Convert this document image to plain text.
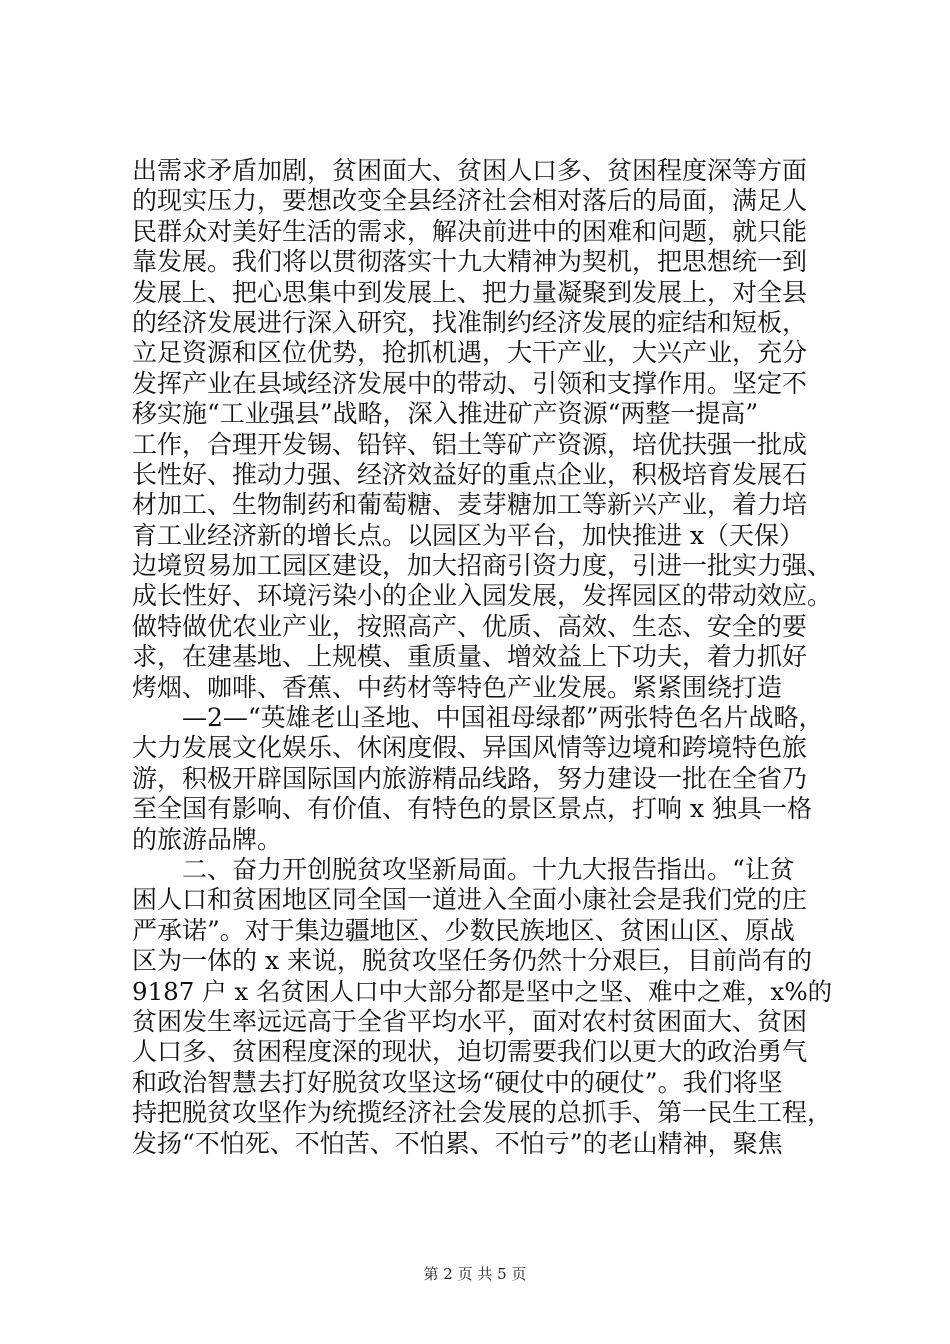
出需求矛盾加剧，贫困面大、贫困人口多、贫困程度深等方面
的现实压力，要想改变全县经济社会相对落后的局面，满足人
民群众对美好生活的需求，解决前进中的困难和问题，就只能
靠发展。我们将以贯彻落实十九大精神为契机，把思想统一到
发展上、把心思集中到发展上、把力量凝聚到发展上，对全县
的经济发展进行深入研究，找准制约经济发展的症结和短板，
立足资源和区位优势，抢抓机遇，大干产业，大兴产业，充分
发挥产业在县域经济发展中的带动、引领和支撑作用。坚定不
移实施“工业强县”战略，深入推进矿产资源“两整一提高”
工作，合理开发锡、铅锌、铝土等矿产资源，培优扶强一批成
长性好、推动力强、经济效益好的重点企业，积极培育发展石
材加工、生物制药和葡萄糖、麦芽糖加工等新兴产业，着力培
育工业经济新的增长点。以园区为平台，加快推进 x（天保）
边境贸易加工园区建设，加大招商引资力度，引进一批实力强、
成长性好、环境污染小的企业入园发展，发挥园区的带动效应。
做特做优农业产业，按照高产、优质、高效、生态、安全的要
求，在建基地、上规模、重质量、增效益上下功夫，着力抓好
烤烟、咖啡、香蕉、中药材等特色产业发展。紧紧围绕打造
—2—“英雄老山圣地、中国祖母绿都”两张特色名片战略，
大力发展文化娱乐、休闲度假、异国风情等边境和跨境特色旅
游，积极开辟国际国内旅游精品线路，努力建设一批在全省乃
至全国有影响、有价值、有特色的景区景点，打响 x 独具一格
的旅游品牌。
二、奋力开创脱贫攻坚新局面。十九大报告指出。“让贫
困人口和贫困地区同全国一道进入全面小康社会是我们党的庄
严承诺”。对于集边疆地区、少数民族地区、贫困山区、原战
区为一体的 x 来说，脱贫攻坚任务仍然十分艰巨，目前尚有的
9187 户 x 名贫困人口中大部分都是坚中之坚、难中之难，x%的
贫困发生率远远高于全省平均水平，面对农村贫困面大、贫困
人口多、贫困程度深的现状，迫切需要我们以更大的政治勇气
和政治智慧去打好脱贫攻坚这场“硬仗中的硬仗”。我们将坚
持把脱贫攻坚作为统揽经济社会发展的总抓手、第一民生工程，
发扬“不怕死、不怕苦、不怕累、不怕亏”的老山精神，聚焦
第 2 页 共 5 页
